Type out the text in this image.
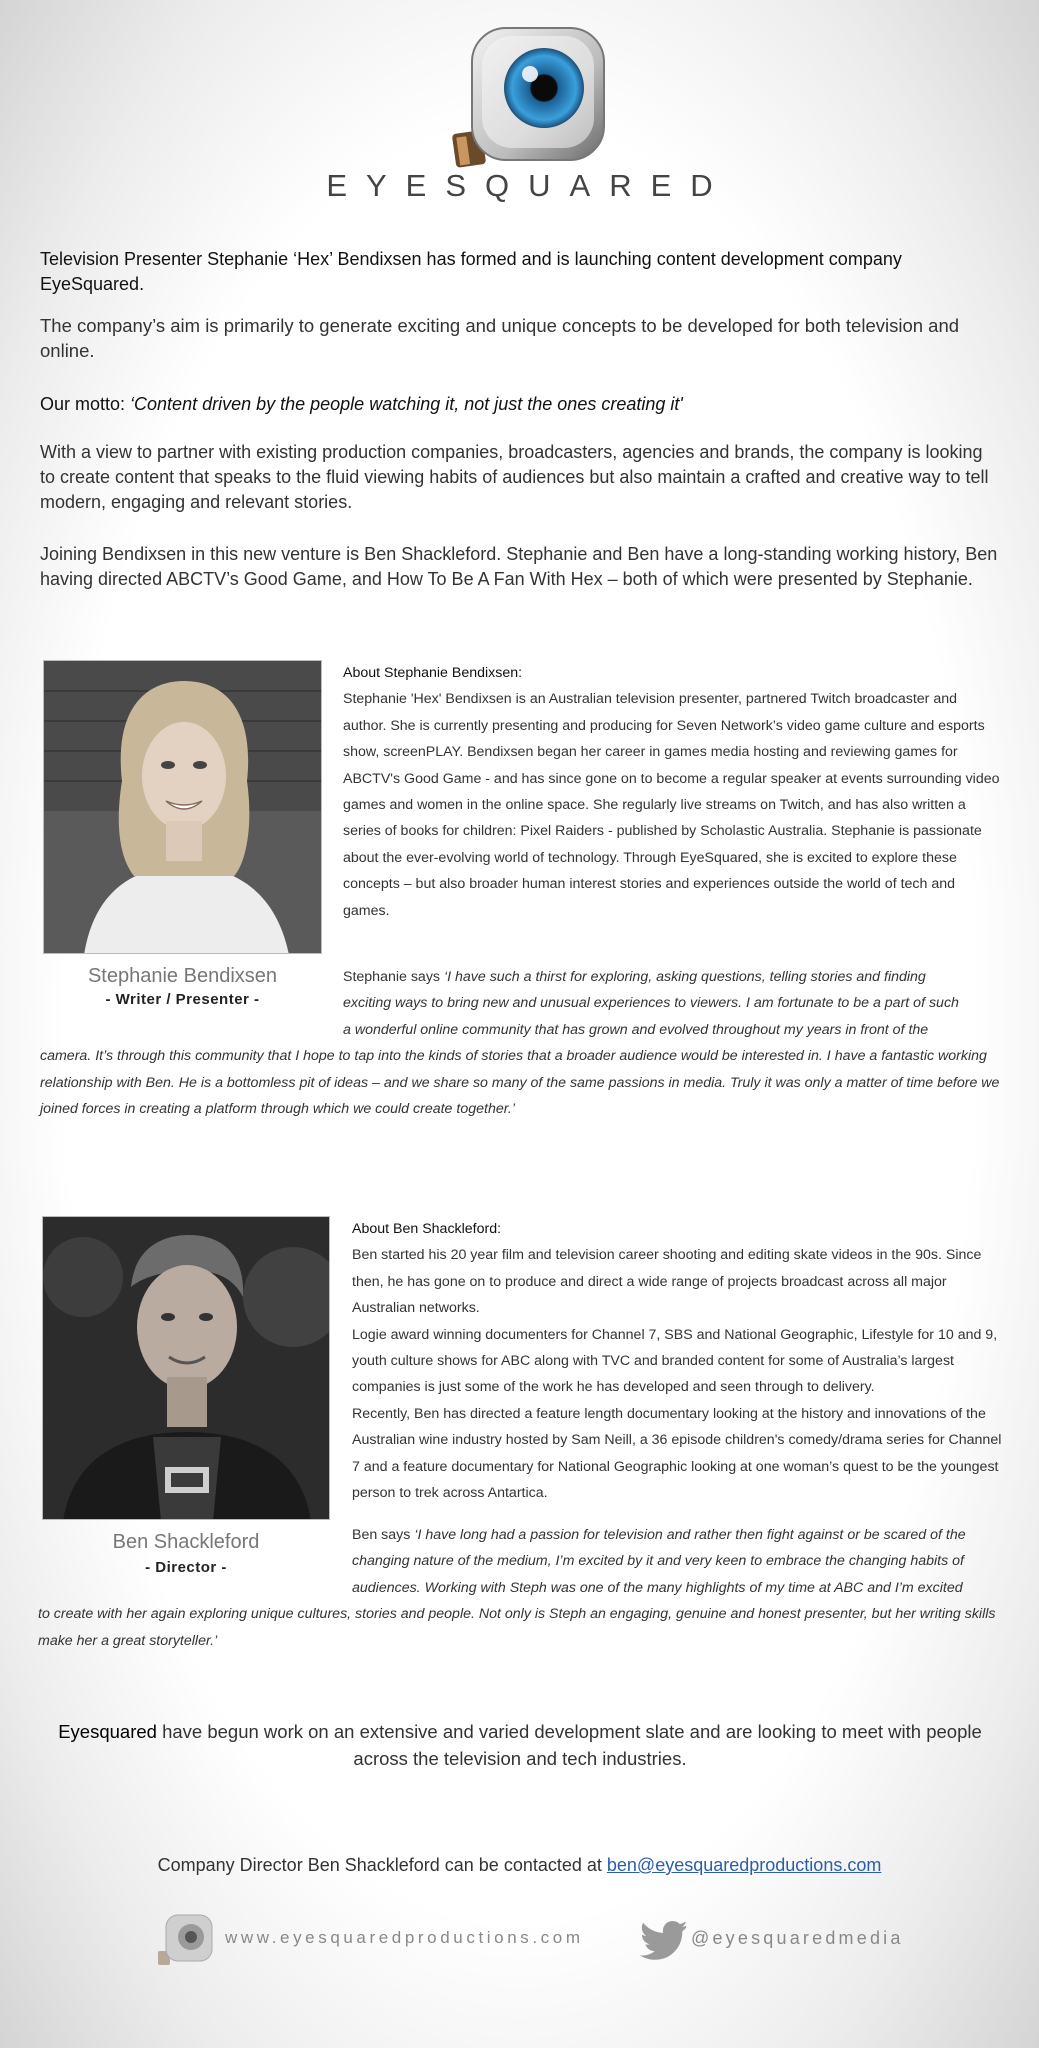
EYESQUARED

Television Presenter Stephanie ‘Hex’ Bendixsen has formed and is launching content development company EyeSquared.

The company’s aim is primarily to generate exciting and unique concepts to be developed for both television and online.

Our motto: ‘Content driven by the people watching it, not just the ones creating it'

With a view to partner with existing production companies, broadcasters, agencies and brands, the company is looking to create content that speaks to the fluid viewing habits of audiences but also maintain a crafted and creative way to tell modern, engaging and relevant stories.

Joining Bendixsen in this new venture is Ben Shackleford. Stephanie and Ben have a long-standing working history, Ben having directed ABCTV’s Good Game, and How To Be A Fan With Hex – both of which were presented by Stephanie.

Stephanie Bendixsen
- Writer / Presenter -
About Stephanie Bendixsen:
Stephanie 'Hex' Bendixsen is an Australian television presenter, partnered Twitch broadcaster and author. She is currently presenting and producing for Seven Network’s video game culture and esports show, screenPLAY. Bendixsen began her career in games media hosting and reviewing games for ABCTV's Good Game - and has since gone on to become a regular speaker at events surrounding video games and women in the online space. She regularly live streams on Twitch, and has also written a series of books for children: Pixel Raiders - published by Scholastic Australia. Stephanie is passionate about the ever-evolving world of technology. Through EyeSquared, she is excited to explore these concepts – but also broader human interest stories and experiences outside the world of tech and games.
Stephanie says ‘I have such a thirst for exploring, asking questions, telling stories and finding
exciting ways to bring new and unusual experiences to viewers. I am fortunate to be a part of such
a wonderful online community that has grown and evolved throughout my years in front of the
camera. It’s through this community that I hope to tap into the kinds of stories that a broader audience would be interested in. I have a fantastic working relationship with Ben. He is a bottomless pit of ideas – and we share so many of the same passions in media. Truly it was only a matter of time before we joined forces in creating a platform through which we could create together.’
Ben Shackleford
- Director -
About Ben Shackleford:
Ben started his 20 year film and television career shooting and editing skate videos in the 90s. Since then, he has gone on to produce and direct a wide range of projects broadcast across all major Australian networks.
Logie award winning documenters for Channel 7, SBS and National Geographic, Lifestyle for 10 and 9, youth culture shows for ABC along with TVC and branded content for some of Australia’s largest companies is just some of the work he has developed and seen through to delivery.
Recently, Ben has directed a feature length documentary looking at the history and innovations of the Australian wine industry hosted by Sam Neill, a 36 episode children's comedy/drama series for Channel 7 and a feature documentary for National Geographic looking at one woman’s quest to be the youngest person to trek across Antartica.
Ben says ‘I have long had a passion for television and rather then fight against or be scared of the
changing nature of the medium, I’m excited by it and very keen to embrace the changing habits of
audiences. Working with Steph was one of the many highlights of my time at ABC and I’m excited
to create with her again exploring unique cultures, stories and people. Not only is Steph an engaging, genuine and honest presenter, but her writing skills make her a great storyteller.’

Eyesquared have begun work on an extensive and varied development slate and are looking to meet with people across the television and tech industries.

Company Director Ben Shackleford can be contacted at ben@eyesquaredproductions.com

www.eyesquaredproductions.com	@eyesquaredmedia
